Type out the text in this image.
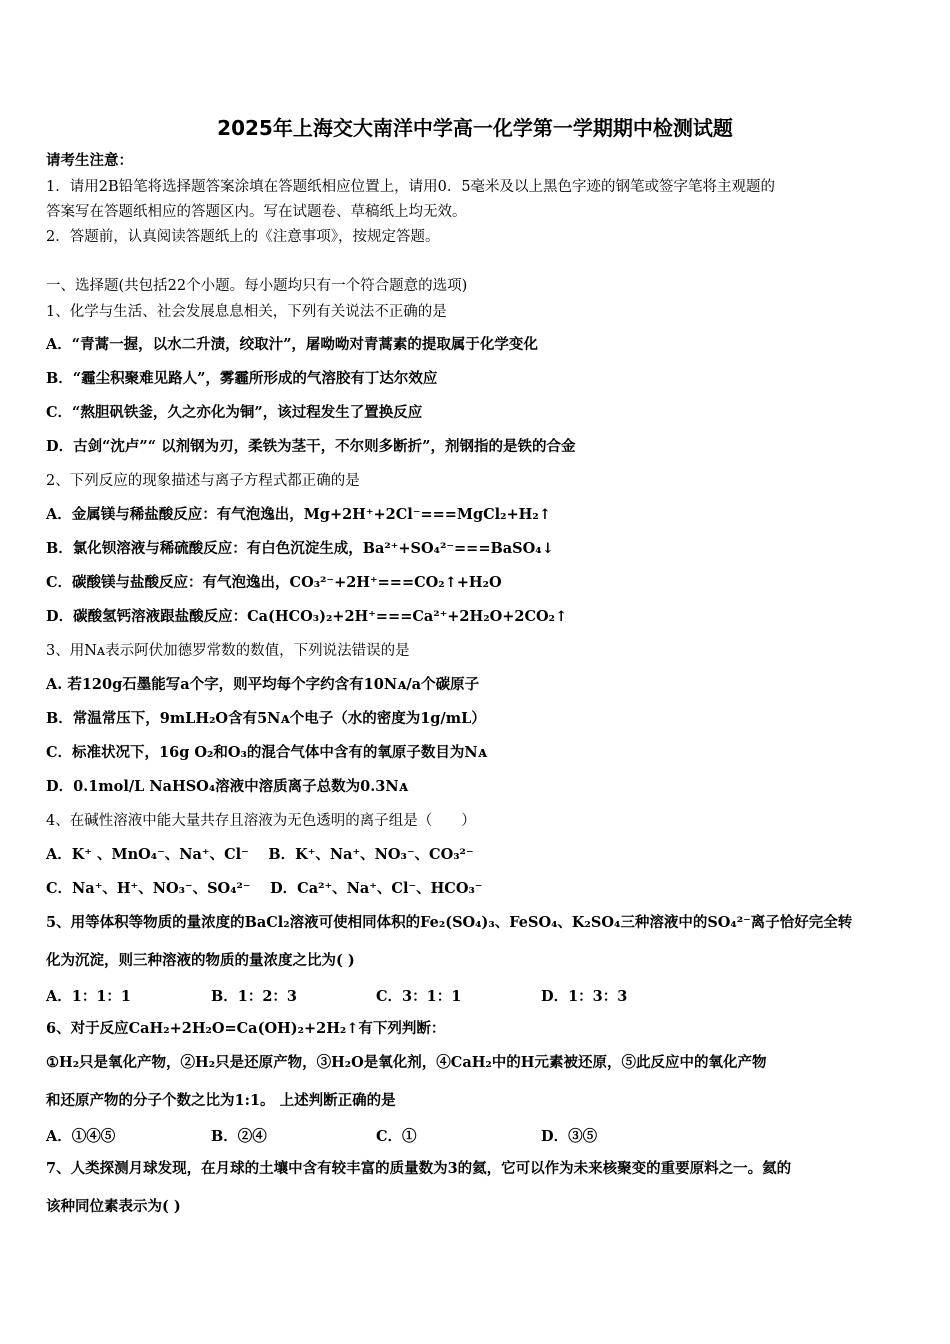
2025年上海交大南洋中学高一化学第一学期期中检测试题
请考生注意：
1．请用2B铅笔将选择题答案涂填在答题纸相应位置上，请用0．5毫米及以上黑色字迹的钢笔或签字笔将主观题的
答案写在答题纸相应的答题区内。写在试题卷、草稿纸上均无效。
2．答题前，认真阅读答题纸上的《注意事项》，按规定答题。
一、选择题(共包括22个小题。每小题均只有一个符合题意的选项)
1、化学与生活、社会发展息息相关，下列有关说法不正确的是
A．“青蒿一握，以水二升渍，绞取汁”，屠呦呦对青蒿素的提取属于化学变化
B．“霾尘积聚难见路人”，雾霾所形成的气溶胶有丁达尔效应
C．“熬胆矾铁釜，久之亦化为铜”，该过程发生了置换反应
D．古剑“沈卢”“ 以剂钢为刃，柔铁为茎干，不尔则多断折”，剂钢指的是铁的合金
2、下列反应的现象描述与离子方程式都正确的是
A．金属镁与稀盐酸反应：有气泡逸出，Mg+2H⁺+2Cl⁻===MgCl₂+H₂↑
B．氯化钡溶液与稀硫酸反应：有白色沉淀生成，Ba²⁺+SO₄²⁻===BaSO₄↓
C．碳酸镁与盐酸反应：有气泡逸出，CO₃²⁻+2H⁺===CO₂↑+H₂O
D．碳酸氢钙溶液跟盐酸反应：Ca(HCO₃)₂+2H⁺===Ca²⁺+2H₂O+2CO₂↑
3、用Nᴀ表示阿伏加德罗常数的数值，下列说法错误的是
A. 若120g石墨能写a个字，则平均每个字约含有10Nᴀ/a个碳原子
B．常温常压下，9mLH₂O含有5Nᴀ个电子（水的密度为1g/mL）
C．标准状况下，16g O₂和O₃的混合气体中含有的氧原子数目为Nᴀ
D．0.1mol/L NaHSO₄溶液中溶质离子总数为0.3Nᴀ
4、在碱性溶液中能大量共存且溶液为无色透明的离子组是（　　）
A．K⁺ 、MnO₄⁻、Na⁺、Cl⁻　 B．K⁺、Na⁺、NO₃⁻、CO₃²⁻
C．Na⁺、H⁺、NO₃⁻、SO₄²⁻　 D．Ca²⁺、Na⁺、Cl⁻、HCO₃⁻
5、用等体积等物质的量浓度的BaCl₂溶液可使相同体积的Fe₂(SO₄)₃、FeSO₄、K₂SO₄三种溶液中的SO₄²⁻离子恰好完全转
化为沉淀，则三种溶液的物质的量浓度之比为( )
A．1：1：1	B．1：2：3	C．3：1：1	D．1：3：3
6、对于反应CaH₂+2H₂O=Ca(OH)₂+2H₂↑有下列判断：
①H₂只是氧化产物，②H₂只是还原产物，③H₂O是氧化剂，④CaH₂中的H元素被还原，⑤此反应中的氧化产物
和还原产物的分子个数之比为1:1。 上述判断正确的是
A．①④⑤	B．②④	C．①	D．③⑤
7、人类探测月球发现，在月球的土壤中含有较丰富的质量数为3的氦，它可以作为未来核聚变的重要原料之一。氦的
该种同位素表示为( )
